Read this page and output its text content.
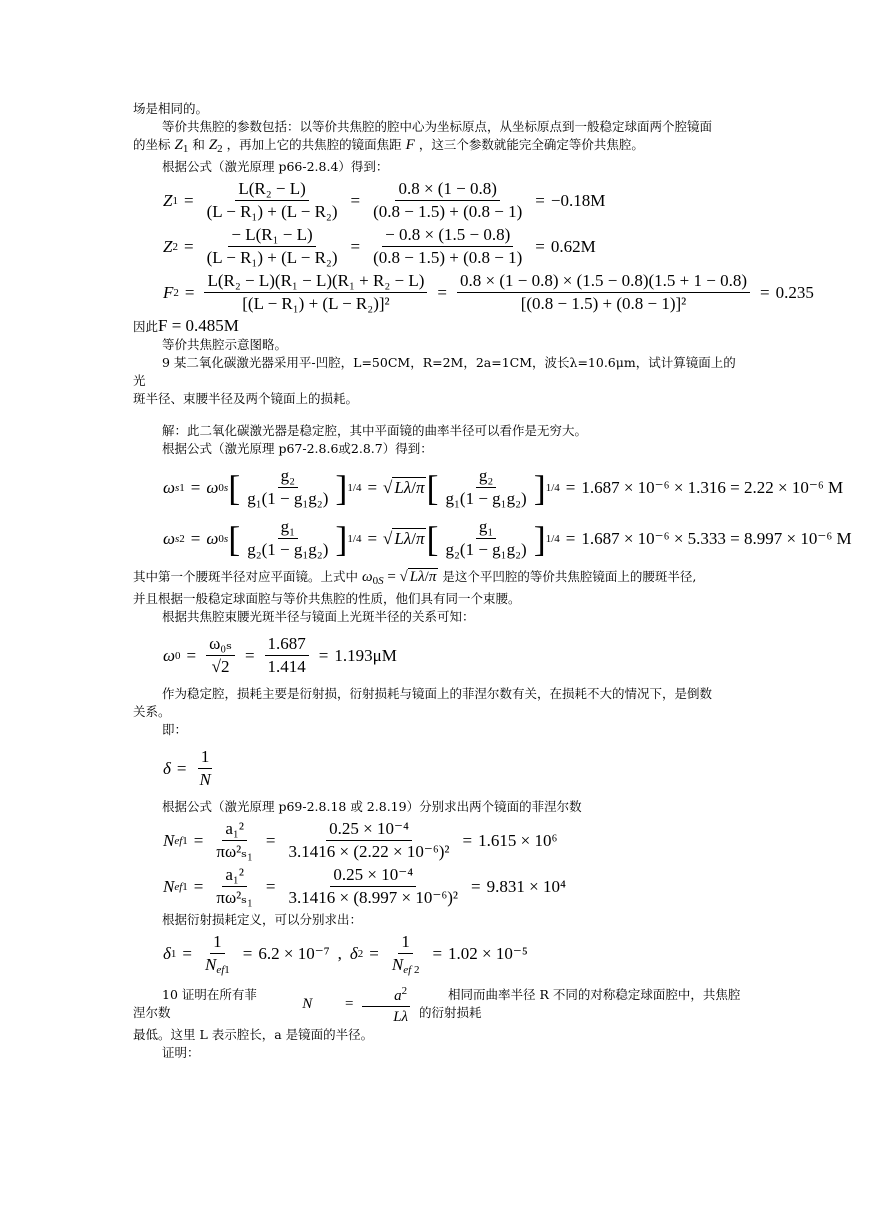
场是相同的。

等价共焦腔的参数包括：以等价共焦腔的腔中心为坐标原点，从坐标原点到一般稳定球面两个腔镜面

的坐标 $Z_1$ 和 $Z_2$ ，再加上它的共焦腔的镜面焦距 F ，这三个参数就能完全确定等价共焦腔。

根据公式（激光原理 p66-2.8.4）得到：

Z $1 = \frac{\text{L(R₂ − L)}}{\text{(L − R₁) + (L − R₂)}} = \frac{0.8 \times (1 - 0.8)}{(0.8 - 1.5) + (0.8 - 1)} = -0.18M$
Z $2 = \frac{\text{− L(R₁ − L)}}{\text{(L − R₁) + (L − R₂)}} = \frac{- 0.8 \times (1.5 - 0.8)}{(0.8 - 1.5) + (0.8 - 1)} = 0.62M$
F $2 = \frac{\text{L(R₂ − L)(R₁ − L)(R₁ + R₂ − L)}}{\text{[(L − R₁) + (L − R₂)]²}} = \frac{0.8 \times (1 - 0.8) \times (1.5 - 0.8)(1.5 + 1 - 0.8)}{\text{[(0.8 − 1.5) + (0.8 − 1)]²}} = 0.235$

因此F = 0.485M

等价共焦腔示意图略。

9 某二氧化碳激光器采用平-凹腔，L=50CM，R=2M，2a=1CM，波长λ=10.6μm，试计算镜面上的光

斑半径、束腰半径及两个镜面上的损耗。

解：此二氧化碳激光器是稳定腔，其中平面镜的曲率半径可以看作是无穷大。

根据公式（激光原理 p67-2.8.6或2.8.7）得到：

ω s1 = ω 0s [ $\frac{\text{g₂}}{\text{g₁(1 − g₁g₂)}}$ ] 1/4 = √ Lλ/π [ $\frac{\text{g₂}}{\text{g₁(1 − g₁g₂)}}$ ] 1/4 = 1.687 × 10⁻⁶ × 1.316 = 2.22 × 10⁻⁶ M
ω s2 = ω 0s [ $\frac{\text{g₁}}{\text{g₂(1 − g₁g₂)}}$ ] 1/4 = √ Lλ/π [ $\frac{\text{g₁}}{\text{g₂(1 − g₁g₂)}}$ ] 1/4 = 1.687 × 10⁻⁶ × 5.333 = 8.997 × 10⁻⁶ M

其中第一个腰斑半径对应平面镜。上式中 $\omega_{0S}$ = √ Lλ/π 是这个平凹腔的等价共焦腔镜面上的腰斑半径,

并且根据一般稳定球面腔与等价共焦腔的性质，他们具有同一个束腰。

根据共焦腔束腰光斑半径与镜面上光斑半径的关系可知：

ω $0 = \frac{\text{ω₀ₛ}}{√2} = \frac{1.687}{1.414} = 1.193\mu M$

作为稳定腔，损耗主要是衍射损，衍射损耗与镜面上的菲涅尔数有关，在损耗不大的情况下，是倒数

关系。

即：

$\delta = \frac{1}{N}$

根据公式（激光原理 p69-2.8.18 或 2.8.19）分别求出两个镜面的菲涅尔数

N $ef1 = \frac{\text{a₁²}}{\text{πω²ₛ₁}} = \frac{\text{0.25 × 10⁻⁴}}{\text{3.1416 × (2.22 × 10⁻⁶)²}} = 1.615 \times 10^6$
N $ef1 = \frac{\text{a₁²}}{\text{πω²ₛ₁}} = \frac{\text{0.25 × 10⁻⁴}}{\text{3.1416 × (8.997 × 10⁻⁶)²}} = 9.831 \times 10^4$

根据衍射损耗定义，可以分别求出：

δ $1 = \frac{1}{\text{Nef1}} = 6.2 \times 10^{-7}$ , δ $2 = \frac{1}{\text{Nef 2}} = 1.02 \times 10^{-5}$

10 证明在所有菲涅尔数
$N = \frac{a^2}{L\lambda}$	相同而曲率半径 R 不同的对称稳定球面腔中，共焦腔的衍射损耗

最低。这里 L 表示腔长，a 是镜面的半径。

证明：
